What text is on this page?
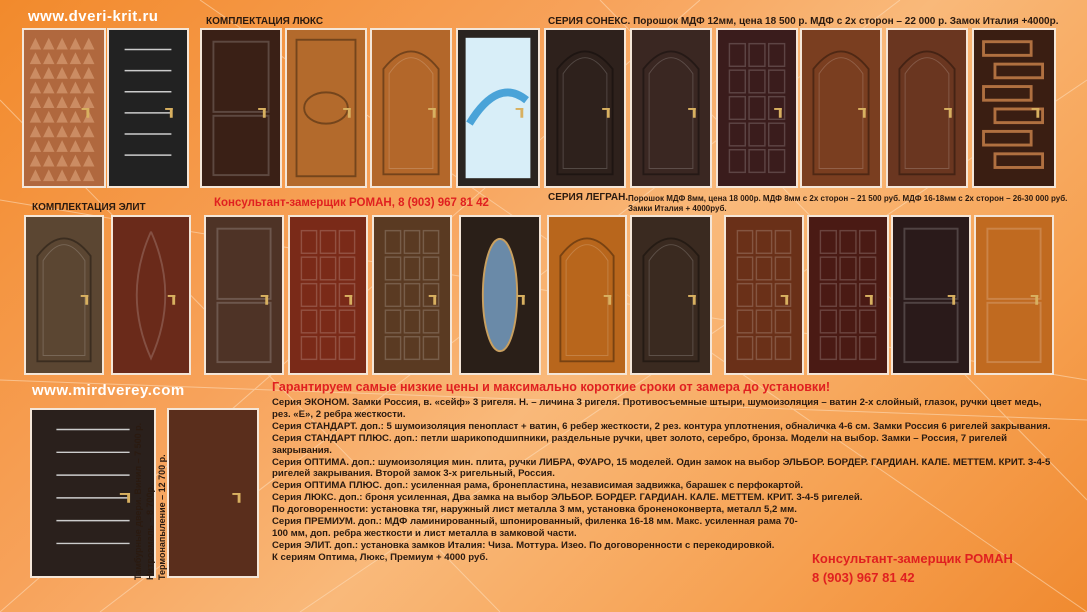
www.dveri-krit.ru	КОМПЛЕКТАЦИЯ ЛЮКС	СЕРИЯ СОНЕКС. Порошок МДФ 12мм, цена 18 500 р. МДФ с 2х сторон – 22 000 р. Замок Италия +4000р.
КОМПЛЕКТАЦИЯ ЭЛИТ	Консультант-замерщик РОМАН, 8 (903) 967 81 42	СЕРИЯ ЛЕГРАН. Порошок МДФ 8мм, цена 18 000р. МДФ 8мм с 2х сторон – 21 500 руб. МДФ 16-18мм с 2х сторон – 26-30 000 руб. Замки Италия + 4000руб.
www.mirdverey.com
Тамбурные двери. Винил – 7 500 р. Нитроэмаль – 8 700р. Термонапыление – 12 700 р.
Гарантируем самые низкие цены и максимально короткие сроки от замера до установки!

Серия ЭКОНОМ. Замки Россия, в. «сейф» 3 ригеля. Н. – личина 3 ригеля. Противосъемные штыри, шумоизоляция – ватин 2-х слойный, глазок, ручки цвет медь, рез. «Е», 2 ребра жесткости.

Серия СТАНДАРТ. доп.: 5 шумоизоляция пенопласт + ватин, 6 ребер жесткости, 2 рез. контура уплотнения, обналичка 4-6 см. Замки Россия 6 ригелей закрывания.

Серия СТАНДАРТ ПЛЮС. доп.: петли шарикоподшипники, раздельные ручки, цвет золото, серебро, бронза. Модели на выбор. Замки – Россия, 7 ригелей закрывания.

Серия ОПТИМА. доп.: шумоизоляция мин. плита, ручки ЛИБРА, ФУАРО, 15 моделей. Один замок на выбор ЭЛЬБОР. БОРДЕР. ГАРДИАН. КАЛЕ. МЕТТЕМ. КРИТ. 3-4-5 ригелей закрывания. Второй замок 3-х ригельный, Россия.

Серия ОПТИМА ПЛЮС. доп.: усиленная рама, бронепластина, независимая задвижка, барашек с перфокартой.

Серия ЛЮКС. доп.: броня усиленная, Два замка на выбор ЭЛЬБОР. БОРДЕР. ГАРДИАН. КАЛЕ. МЕТТЕМ. КРИТ. 3-4-5 ригелей.

По договоренности: установка тяг, наружный лист металла 3 мм, установка броненоконверта, металл 5,2 мм.

Серия ПРЕМИУМ. доп.: МДФ ламинированный, шпонированный, филенка 16-18 мм. Макс. усиленная рама 70-100 мм, доп. ребра жесткости и лист металла в замковой части.

Серия ЭЛИТ. доп.: установка замков Италия: Чиза. Моттура. Изео. По договоренности с перекодировкой.

К сериям Оптима, Люкс, Премиум + 4000 руб.	Консультант-замерщик РОМАН
8 (903) 967 81 42
